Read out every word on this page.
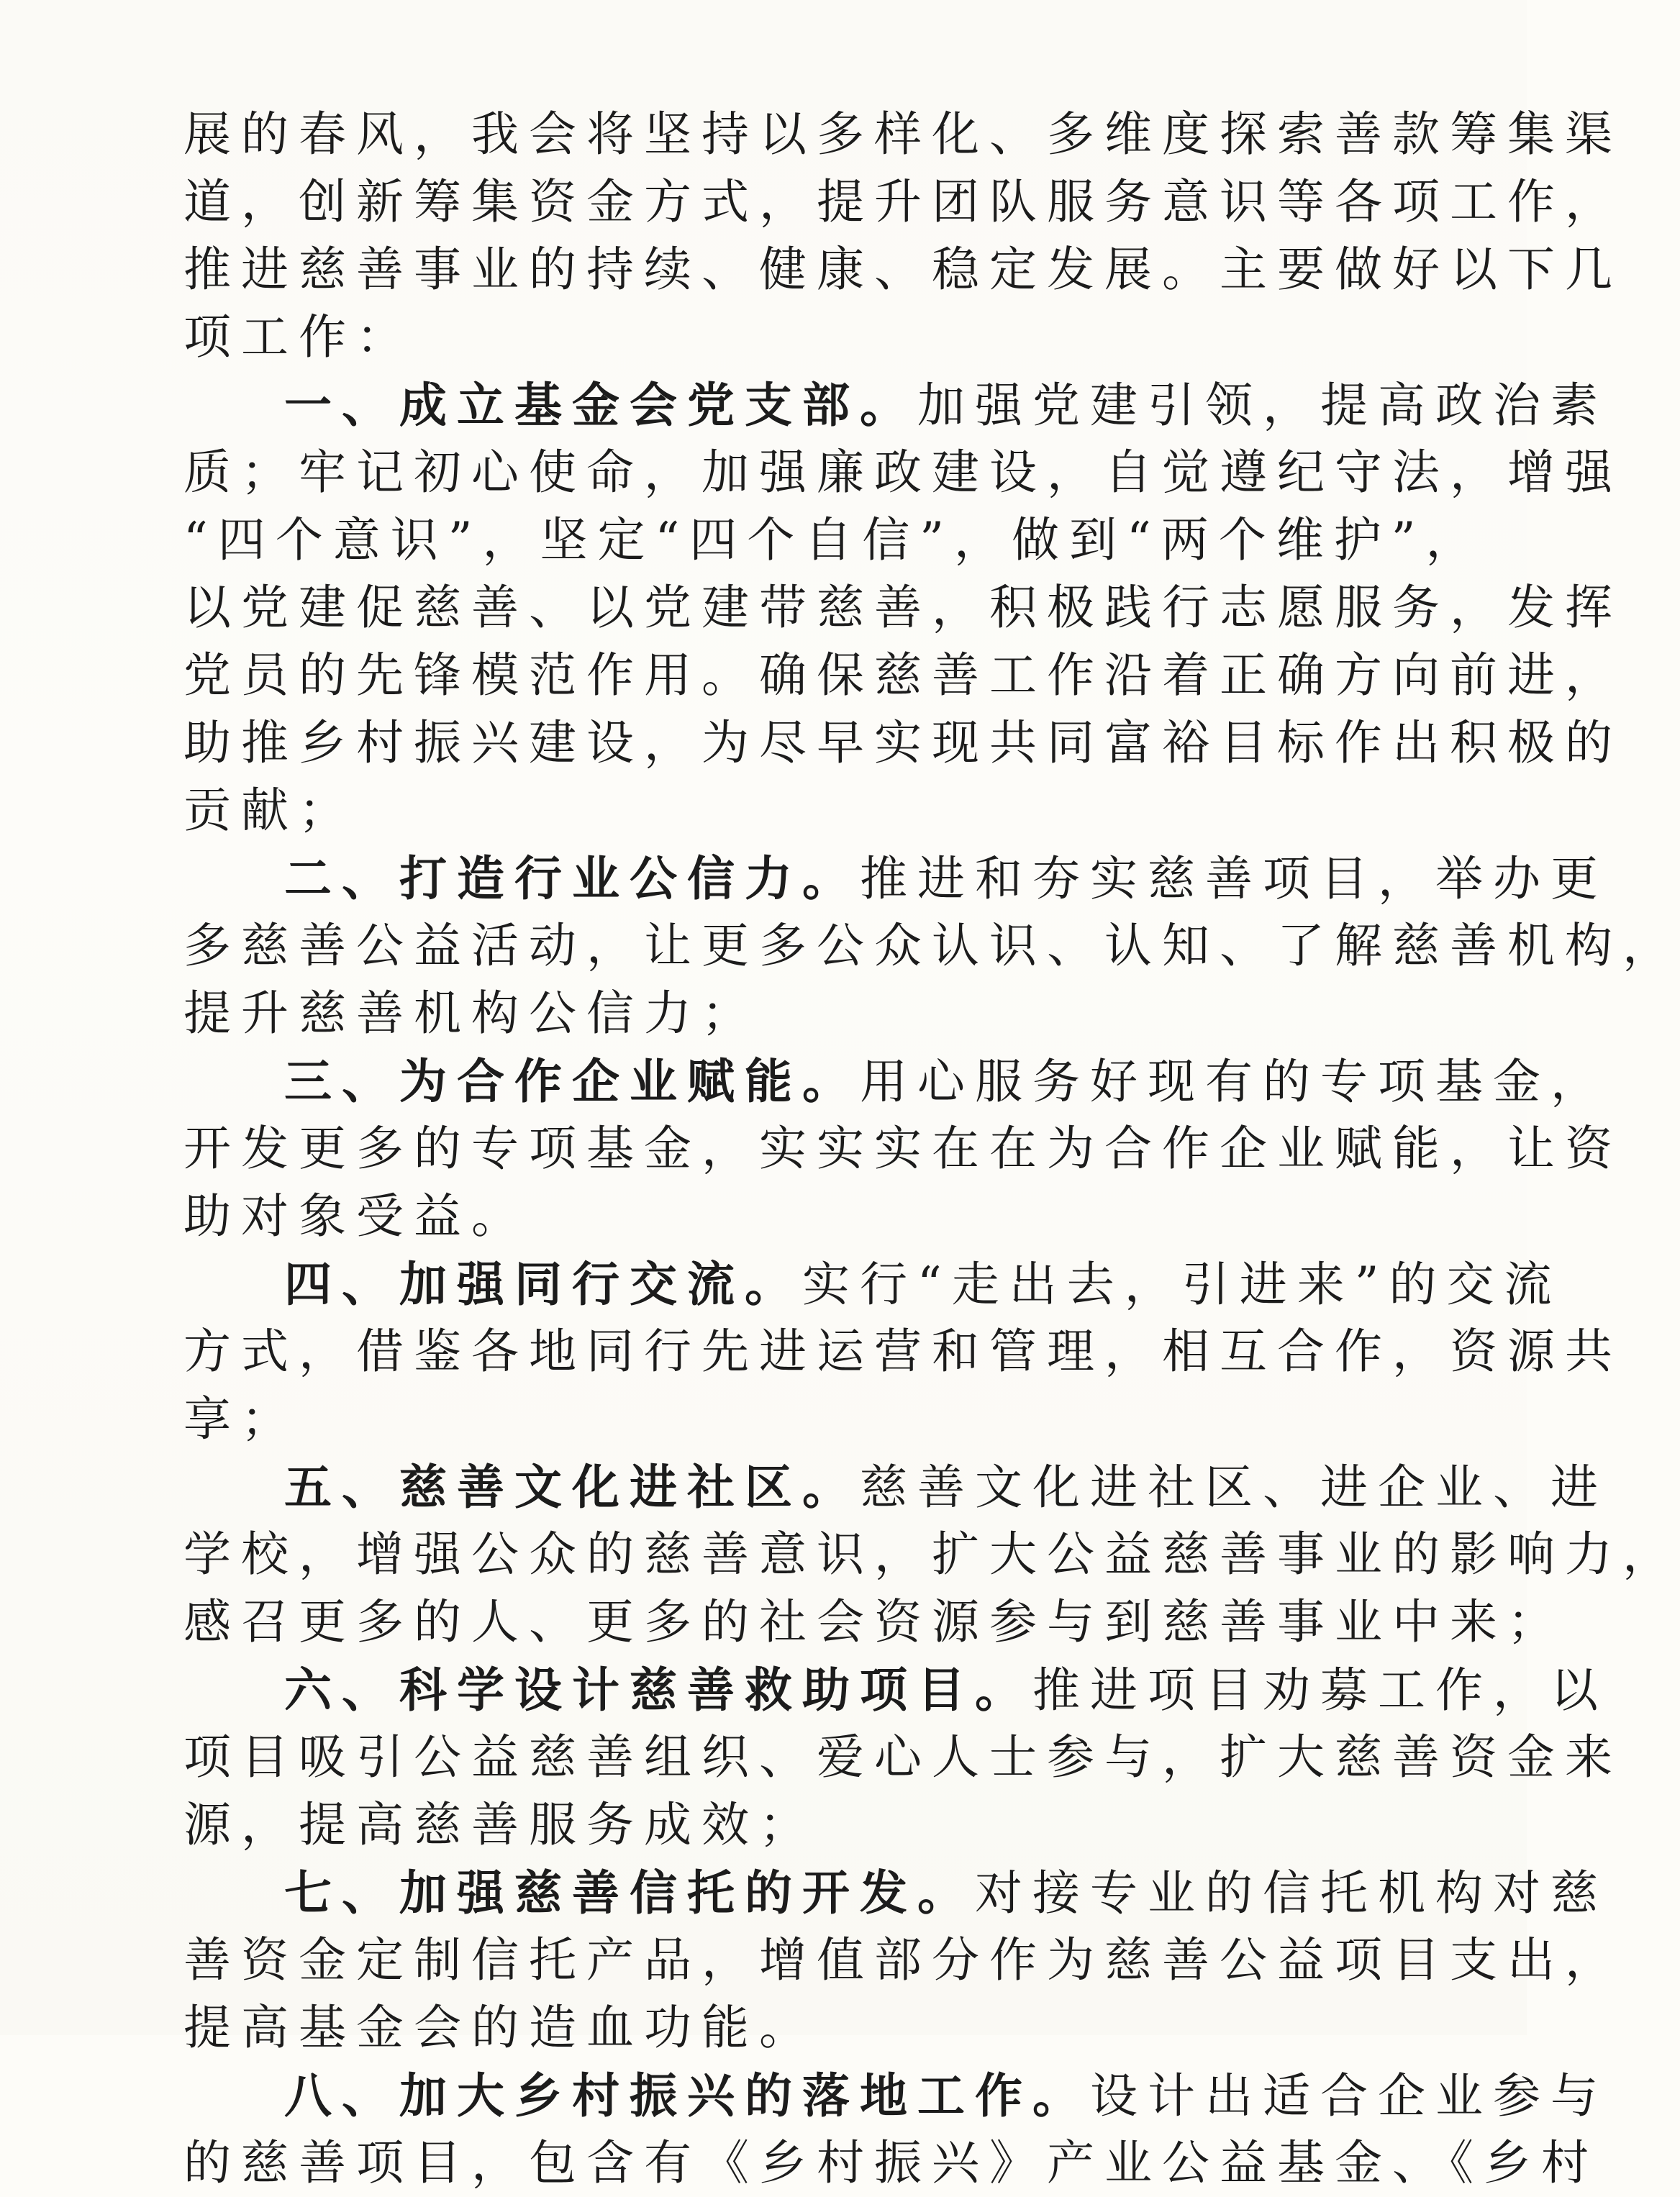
展的春风，我会将坚持以多样化、多维度探索善款筹集渠
道，创新筹集资金方式，提升团队服务意识等各项工作，
推进慈善事业的持续、健康、稳定发展。主要做好以下几
项工作：
一、成立基金会党支部。加强党建引领，提高政治素
质；牢记初心使命，加强廉政建设，自觉遵纪守法，增强
“四个意识”，坚定“四个自信”，做到“两个维护”，
以党建促慈善、以党建带慈善，积极践行志愿服务，发挥
党员的先锋模范作用。确保慈善工作沿着正确方向前进，
助推乡村振兴建设，为尽早实现共同富裕目标作出积极的
贡献；
二、打造行业公信力。推进和夯实慈善项目，举办更
多慈善公益活动，让更多公众认识、认知、了解慈善机构，
提升慈善机构公信力；
三、为合作企业赋能。用心服务好现有的专项基金，
开发更多的专项基金，实实实在在为合作企业赋能，让资
助对象受益。
四、加强同行交流。实行“走出去，引进来”的交流
方式，借鉴各地同行先进运营和管理，相互合作，资源共
享；
五、慈善文化进社区。慈善文化进社区、进企业、进
学校，增强公众的慈善意识，扩大公益慈善事业的影响力，
感召更多的人、更多的社会资源参与到慈善事业中来；
六、科学设计慈善救助项目。推进项目劝募工作，以
项目吸引公益慈善组织、爱心人士参与，扩大慈善资金来
源，提高慈善服务成效；
七、加强慈善信托的开发。对接专业的信托机构对慈
善资金定制信托产品，增值部分作为慈善公益项目支出，
提高基金会的造血功能。
八、加大乡村振兴的落地工作。设计出适合企业参与
的慈善项目，包含有《乡村振兴》产业公益基金、《乡村
